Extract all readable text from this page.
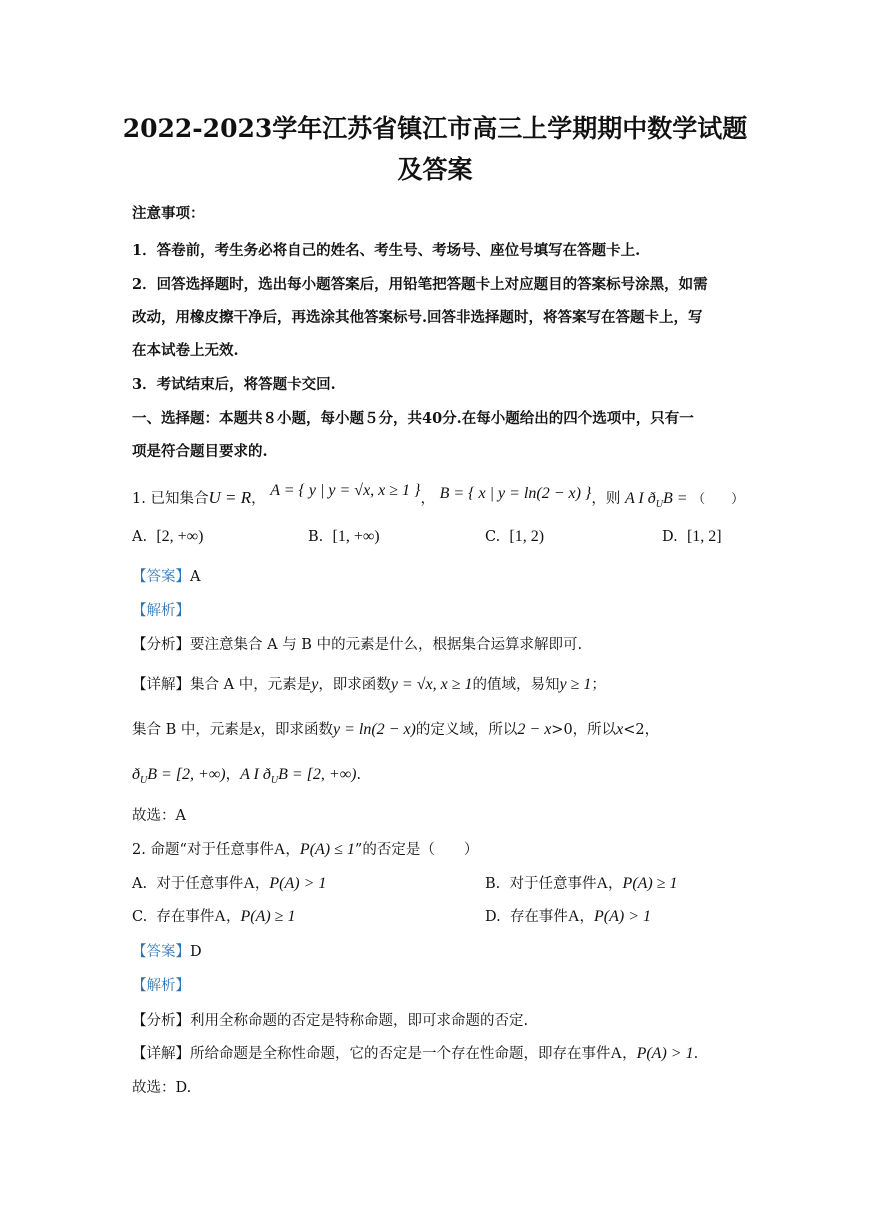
2022-2023学年江苏省镇江市高三上学期期中数学试题及答案
注意事项：
1．答卷前，考生务必将自己的姓名、考生号、考场号、座位号填写在答题卡上.
2．回答选择题时，选出每小题答案后，用铅笔把答题卡上对应题目的答案标号涂黑，如需
改动，用橡皮擦干净后，再选涂其他答案标号.回答非选择题时，将答案写在答题卡上，写
在本试卷上无效.
3．考试结束后，将答题卡交回.
一、选择题：本题共８小题，每小题５分，共40分.在每小题给出的四个选项中，只有一
项是符合题目要求的.
1. 已知集合U = R， A = { y | y = √x, x ≥ 1 }， B = { x | y = ln(2 − x) }，则 A I $ð_UB$ = （　　）
A. [2, +∞)	B. [1, +∞)	C. [1, 2)	D. [1, 2]
【答案】A
【解析】
【分析】要注意集合 A 与 B 中的元素是什么，根据集合运算求解即可.
【详解】集合 A 中，元素是y，即求函数y = √x, x ≥ 1的值域，易知y ≥ 1；
集合 B 中，元素是x，即求函数y = ln(2 − x)的定义域，所以2 − x>0，所以x<2，
$ð_UB = [2$, +∞)，A I $ð_UB = [2$, +∞).
故选：A
2. 命题“对于任意事件A，P(A) ≤ 1”的否定是（　　）
A. 对于任意事件A，P(A) > 1	B. 对于任意事件A，P(A) ≥ 1
C. 存在事件A，P(A) ≥ 1	D. 存在事件A，P(A) > 1
【答案】D
【解析】
【分析】利用全称命题的否定是特称命题，即可求命题的否定.
【详解】所给命题是全称性命题，它的否定是一个存在性命题，即存在事件A，P(A) > 1.
故选：D.
